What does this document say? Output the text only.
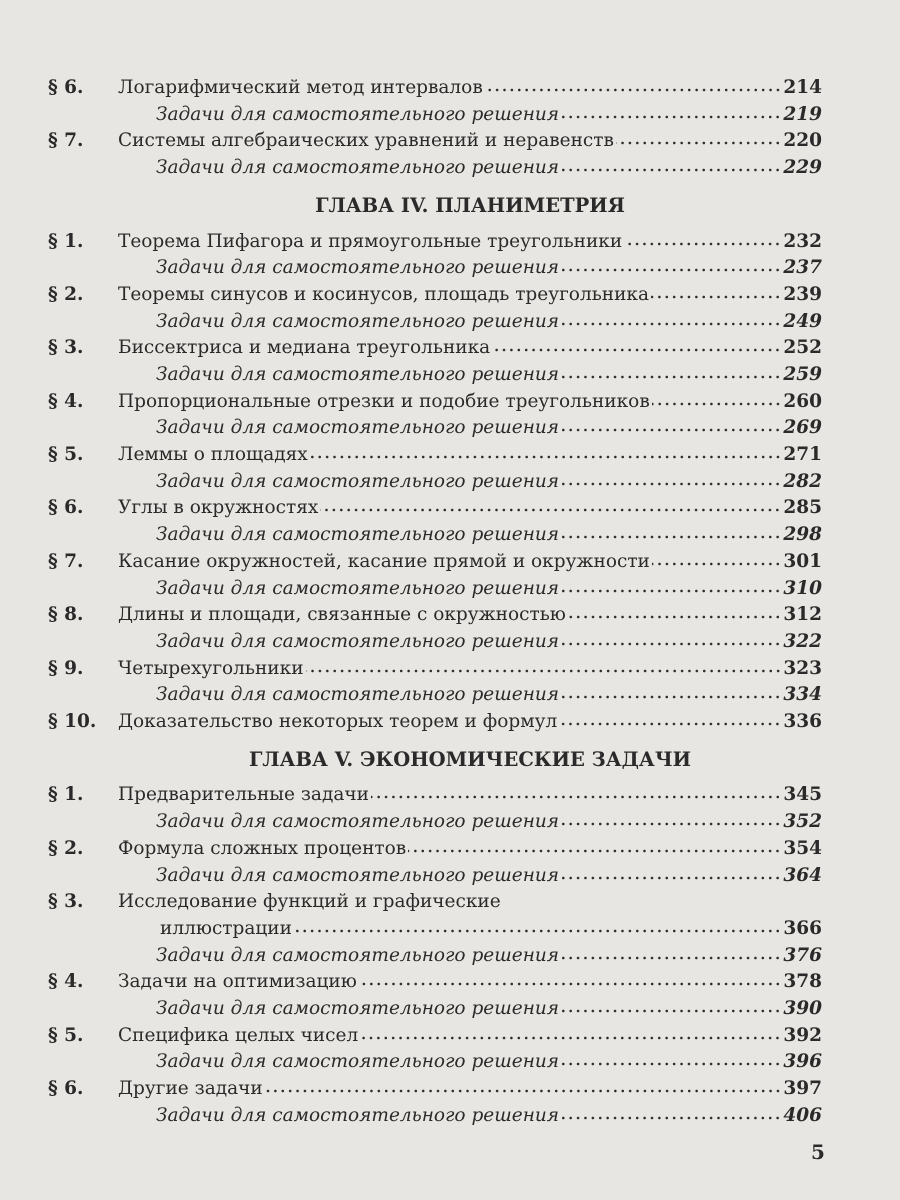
§ 6.	Логарифмический метод интервалов	214
Задачи для самостоятельного решения	219
§ 7.	Системы алгебраических уравнений и неравенств	220
Задачи для самостоятельного решения	229
ГЛАВА IV. ПЛАНИМЕТРИЯ
§ 1.	Теорема Пифагора и прямоугольные треугольники	232
Задачи для самостоятельного решения	237
§ 2.	Теоремы синусов и косинусов, площадь треугольника	239
Задачи для самостоятельного решения	249
§ 3.	Биссектриса и медиана треугольника	252
Задачи для самостоятельного решения	259
§ 4.	Пропорциональные отрезки и подобие треугольников	260
Задачи для самостоятельного решения	269
§ 5.	Леммы о площадях	271
Задачи для самостоятельного решения	282
§ 6.	Углы в окружностях	285
Задачи для самостоятельного решения	298
§ 7.	Касание окружностей, касание прямой и окружности	301
Задачи для самостоятельного решения	310
§ 8.	Длины и площади, связанные с окружностью	312
Задачи для самостоятельного решения	322
§ 9.	Четырехугольники	323
Задачи для самостоятельного решения	334
§ 10.	Доказательство некоторых теорем и формул	336
ГЛАВА V. ЭКОНОМИЧЕСКИЕ ЗАДАЧИ
§ 1.	Предварительные задачи	345
Задачи для самостоятельного решения	352
§ 2.	Формула сложных процентов	354
Задачи для самостоятельного решения	364
§ 3.	Исследование функций и графические
иллюстрации	366
Задачи для самостоятельного решения	376
§ 4.	Задачи на оптимизацию	378
Задачи для самостоятельного решения	390
§ 5.	Специфика целых чисел	392
Задачи для самостоятельного решения	396
§ 6.	Другие задачи	397
Задачи для самостоятельного решения	406
5
